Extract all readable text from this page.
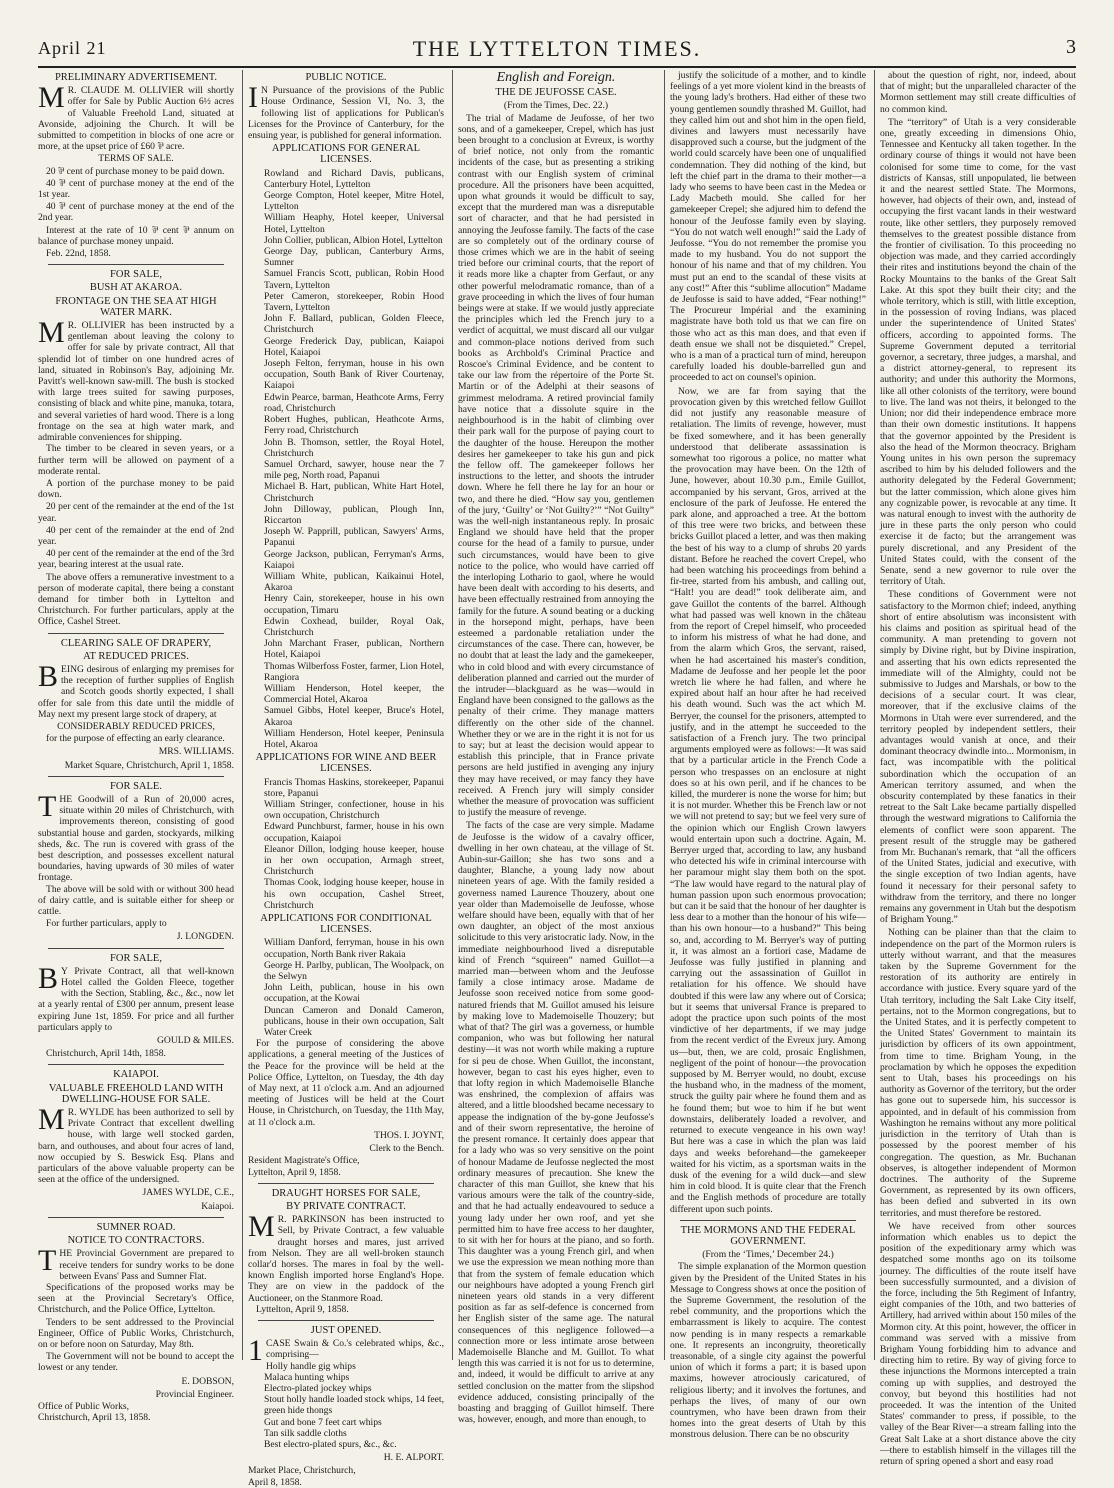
April 21	THE LYTTELTON TIMES.	3
PRELIMINARY ADVERTISEMENT.
M R. CLAUDE M. OLLIVIER will shortly offer for Sale by Public Auction 6½ acres of Valuable Freehold Land, situated at Avonside, adjoining the Church. It will be submitted to competition in blocks of one acre or more, at the upset price of £60 ⅌ acre.
TERMS OF SALE.

20 ⅌ cent of purchase money to be paid down.

40 ⅌ cent of purchase money at the end of the 1st year.

40 ⅌ cent of purchase money at the end of the 2nd year.

Interest at the rate of 10 ⅌ cent ⅌ annum on balance of purchase money unpaid.

Feb. 22nd, 1858.

FOR SALE,
BUSH AT AKAROA.
FRONTAGE ON THE SEA AT HIGH WATER MARK.
M R. OLLIVIER has been instructed by a gentleman about leaving the colony to offer for sale by private contract, All that splendid lot of timber on one hundred acres of land, situated in Robinson's Bay, adjoining Mr. Pavitt's well-known saw-mill. The bush is stocked with large trees suited for sawing purposes, consisting of black and white pine, manuka, totara, and several varieties of hard wood. There is a long frontage on the sea at high water mark, and admirable conveniences for shipping.

The timber to be cleared in seven years, or a further term will be allowed on payment of a moderate rental.

A portion of the purchase money to be paid down.

20 per cent of the remainder at the end of the 1st year.

40 per cent of the remainder at the end of 2nd year.

40 per cent of the remainder at the end of the 3rd year, bearing interest at the usual rate.

The above offers a remunerative investment to a person of moderate capital, there being a constant demand for timber both in Lyttelton and Christchurch. For further particulars, apply at the Office, Cashel Street.

CLEARING SALE OF DRAPERY,
AT REDUCED PRICES.
BEING desirous of enlarging my premises for the reception of further supplies of English and Scotch goods shortly expected, I shall offer for sale from this date until the middle of May next my present large stock of drapery, at
CONSIDERABLY REDUCED PRICES,

for the purpose of effecting an early clearance.

MRS. WILLIAMS.
Market Square, Christchurch, April 1, 1858.
FOR SALE.
THE Goodwill of a Run of 20,000 acres, situate within 20 miles of Christchurch, with improvements thereon, consisting of good substantial house and garden, stockyards, milking sheds, &c. The run is covered with grass of the best description, and possesses excellent natural boundaries, having upwards of 30 miles of water frontage.

The above will be sold with or without 300 head of dairy cattle, and is suitable either for sheep or cattle.

For further particulars, apply to

J. LONGDEN.
FOR SALE,
B Y Private Contract, all that well-known Hotel called the Golden Fleece, together with the Section, Stabling, &c., &c., now let at a yearly rental of £300 per annum, present lease expiring June 1st, 1859. For price and all further particulars apply to
GOULD & MILES.

Christchurch, April 14th, 1858.

KAIAPOI.
VALUABLE FREEHOLD LAND WITH DWELLING-HOUSE FOR SALE.
M R. WYLDE has been authorized to sell by Private Contract that excellent dwelling house, with large well stocked garden, barn, and outhouses, and about four acres of land, now occupied by S. Beswick Esq. Plans and particulars of the above valuable property can be seen at the office of the undersigned.
JAMES WYLDE, C.E.,
Kaiapoi.
SUMNER ROAD.
NOTICE TO CONTRACTORS.
THE Provincial Government are prepared to receive tenders for sundry works to be done between Evans' Pass and Sumner Flat.

Specifications of the proposed works may be seen at the Provincial Secretary's Office, Christchurch, and the Police Office, Lyttelton.

Tenders to be sent addressed to the Provincial Engineer, Office of Public Works, Christchurch, on or before noon on Saturday, May 8th.

The Government will not be bound to accept the lowest or any tender.

E. DOBSON,
Provincial Engineer.
Office of Public Works,
Christchurch, April 13, 1858.
PUBLIC NOTICE.
I N Pursuance of the provisions of the Public House Ordinance, Session VI, No. 3, the following list of applications for Publican's Licenses for the Province of Canterbury, for the ensuing year, is published for general information.
APPLICATIONS FOR GENERAL LICENSES.
Rowland and Richard Davis, publicans, Canterbury Hotel, Lyttelton
George Compton, Hotel keeper, Mitre Hotel, Lyttelton
William Heaphy, Hotel keeper, Universal Hotel, Lyttelton
John Collier, publican, Albion Hotel, Lyttelton
George Day, publican, Canterbury Arms, Sumner
Samuel Francis Scott, publican, Robin Hood Tavern, Lyttelton
Peter Cameron, storekeeper, Robin Hood Tavern, Lyttelton
John F. Ballard, publican, Golden Fleece, Christchurch
George Frederick Day, publican, Kaiapoi Hotel, Kaiapoi
Joseph Felton, ferryman, house in his own occupation, South Bank of River Courtenay, Kaiapoi
Edwin Pearce, barman, Heathcote Arms, Ferry road, Christchurch
Robert Hughes, publican, Heathcote Arms, Ferry road, Christchurch
John B. Thomson, settler, the Royal Hotel, Christchurch
Samuel Orchard, sawyer, house near the 7 mile peg, North road, Papanui
Michael B. Hart, publican, White Hart Hotel, Christchurch
John Dilloway, publican, Plough Inn, Riccarton
Joseph W. Papprill, publican, Sawyers' Arms, Papanui
George Jackson, publican, Ferryman's Arms, Kaiapoi
William White, publican, Kaikainui Hotel, Akaroa
Henry Cain, storekeeper, house in his own occupation, Timaru
Edwin Coxhead, builder, Royal Oak, Christchurch
John Marchant Fraser, publican, Northern Hotel, Kaiapoi
Thomas Wilberfoss Foster, farmer, Lion Hotel, Rangiora
William Henderson, Hotel keeper, the Commercial Hotel, Akaroa
Samuel Gibbs, Hotel keeper, Bruce's Hotel, Akaroa
William Henderson, Hotel keeper, Peninsula Hotel, Akaroa
APPLICATIONS FOR WINE AND BEER LICENSES.
Francis Thomas Haskins, storekeeper, Papanui store, Papanui
William Stringer, confectioner, house in his own occupation, Christchurch
Edward Punchburst, farmer, house in his own occupation, Kaiapoi
Eleanor Dillon, lodging house keeper, house in her own occupation, Armagh street, Christchurch
Thomas Cook, lodging house keeper, house in his own occupation, Cashel Street, Christchurch
APPLICATIONS FOR CONDITIONAL LICENSES.
William Danford, ferryman, house in his own occupation, North Bank river Rakaia
George H. Parlby, publican, The Woolpack, on the Selwyn
John Leith, publican, house in his own occupation, at the Kowai
Duncan Cameron and Donald Cameron, publicans, house in their own occupation, Salt Water Creek

For the purpose of considering the above applications, a general meeting of the Justices of the Peace for the province will be held at the Police Office, Lyttelton, on Tuesday, the 4th day of May next, at 11 o'clock a.m. And an adjourned meeting of Justices will be held at the Court House, in Christchurch, on Tuesday, the 11th May, at 11 o'clock a.m.

THOS. I. JOYNT,
Clerk to the Bench.
Resident Magistrate's Office,
Lyttelton, April 9, 1858.
DRAUGHT HORSES FOR SALE,
BY PRIVATE CONTRACT.
M R. PARKINSON has been instructed to Sell, by Private Contract, a few valuable draught horses and mares, just arrived from Nelson. They are all well-broken staunch collar'd horses. The mares in foal by the well-known English imported horse England's Hope. They are on view in the paddock of the Auctioneer, on the Stanmore Road.

Lyttelton, April 9, 1858.

JUST OPENED.
1 CASE Swain & Co.'s celebrated whips, &c., comprising—
Holly handle gig whips
Malaca hunting whips
Electro-plated jockey whips
Stout holly handle loaded stock whips, 14 feet, green hide thongs
Gut and bone 7 feet cart whips
Tan silk saddle cloths
Best electro-plated spurs, &c., &c.
H. E. ALPORT.
Market Place, Christchurch,
April 8, 1858.
English and Foreign.
THE DE JEUFOSSE CASE.
(From the Times, Dec. 22.)

The trial of Madame de Jeufosse, of her two sons, and of a gamekeeper, Crepel, which has just been brought to a conclusion at Evreux, is worthy of brief notice, not only from the romantic incidents of the case, but as presenting a striking contrast with our English system of criminal procedure. All the prisoners have been acquitted, upon what grounds it would be difficult to say, except that the murdered man was a disreputable sort of character, and that he had persisted in annoying the Jeufosse family. The facts of the case are so completely out of the ordinary course of those crimes which we are in the habit of seeing tried before our criminal courts, that the report of it reads more like a chapter from Gerfaut, or any other powerful melodramatic romance, than of a grave proceeding in which the lives of four human beings were at stake. If we would justly appreciate the principles which led the French jury to a verdict of acquittal, we must discard all our vulgar and common-place notions derived from such books as Archbold's Criminal Practice and Roscoe's Criminal Evidence, and be content to take our law from the répertoire of the Porte St. Martin or of the Adelphi at their seasons of grimmest melodrama. A retired provincial family have notice that a dissolute squire in the neighbourhood is in the habit of climbing over their park wall for the purpose of paying court to the daughter of the house. Hereupon the mother desires her gamekeeper to take his gun and pick the fellow off. The gamekeeper follows her instructions to the letter, and shoots the intruder down. Where he fell there he lay for an hour or two, and there he died. “How say you, gentlemen of the jury, ‘Guilty’ or ‘Not Guilty?’” “Not Guilty” was the well-nigh instantaneous reply. In prosaic England we should have held that the proper course for the head of a family to pursue, under such circumstances, would have been to give notice to the police, who would have carried off the interloping Lothario to gaol, where he would have been dealt with according to his deserts, and have been effectually restrained from annoying the family for the future. A sound beating or a ducking in the horsepond might, perhaps, have been esteemed a pardonable retaliation under the circumstances of the case. There can, however, be no doubt that at least the lady and the gamekeeper, who in cold blood and with every circumstance of deliberation planned and carried out the murder of the intruder—blackguard as he was—would in England have been consigned to the gallows as the penalty of their crime. They manage matters differently on the other side of the channel. Whether they or we are in the right it is not for us to say; but at least the decision would appear to establish this principle, that in France private persons are held justified in avenging any injury they may have received, or may fancy they have received. A French jury will simply consider whether the measure of provocation was sufficient to justify the measure of revenge.

The facts of the case are very simple. Madame de Jeufosse is the widow of a cavalry officer, dwelling in her own chateau, at the village of St. Aubin-sur-Gaillon; she has two sons and a daughter, Blanche, a young lady now about nineteen years of age. With the family resided a governess named Laurence Thouzery, about one year older than Mademoiselle de Jeufosse, whose welfare should have been, equally with that of her own daughter, an object of the most anxious solicitude to this very aristocratic lady. Now, in the immediate neighbourhood lived a disreputable kind of French “squireen” named Guillot—a married man—between whom and the Jeufosse family a close intimacy arose. Madame de Jeufosse soon received notice from some good-natured friends that M. Guillot amused his leisure by making love to Mademoiselle Thouzery; but what of that? The girl was a governess, or humble companion, who was but following her natural destiny—it was not worth while making a rupture for si peu de chose. When Guillot, the inconstant, however, began to cast his eyes higher, even to that lofty region in which Mademoiselle Blanche was enshrined, the complexion of affairs was altered, and a little bloodshed became necessary to appease the indignation of the by-gone Jeufosse's and of their sworn representative, the heroine of the present romance. It certainly does appear that for a lady who was so very sensitive on the point of honour Madame de Jeufosse neglected the most ordinary measures of precaution. She knew the character of this man Guillot, she knew that his various amours were the talk of the country-side, and that he had actually endeavoured to seduce a young lady under her own roof, and yet she permitted him to have free access to her daughter, to sit with her for hours at the piano, and so forth. This daughter was a young French girl, and when we use the expression we mean nothing more than that from the system of female education which our neighbours have adopted a young French girl nineteen years old stands in a very different position as far as self-defence is concerned from her English sister of the same age. The natural consequences of this negligence followed—a connection more or less intimate arose between Mademoiselle Blanche and M. Guillot. To what length this was carried it is not for us to determine, and, indeed, it would be difficult to arrive at any settled conclusion on the matter from the slipshod evidence adduced, consisting principally of the boasting and bragging of Guillot himself. There was, however, enough, and more than enough, to

justify the solicitude of a mother, and to kindle feelings of a yet more violent kind in the breasts of the young lady's brothers. Had either of these two young gentlemen soundly thrashed M. Guillot, had they called him out and shot him in the open field, divines and lawyers must necessarily have disapproved such a course, but the judgment of the world could scarcely have been one of unqualified condemnation. They did nothing of the kind, but left the chief part in the drama to their mother—a lady who seems to have been cast in the Medea or Lady Macbeth mould. She called for her gamekeeper Crepel; she adjured him to defend the honour of the Jeufosse family even by slaying. “You do not watch well enough!” said the Lady of Jeufosse. “You do not remember the promise you made to my husband. You do not support the honour of his name and that of my children. You must put an end to the scandal of these visits at any cost!” After this “sublime allocution” Madame de Jeufosse is said to have added, “Fear nothing!” The Procureur Impérial and the examining magistrate have both told us that we can fire on those who act as this man does, and that even if death ensue we shall not be disquieted.” Crepel, who is a man of a practical turn of mind, hereupon carefully loaded his double-barrelled gun and proceeded to act on counsel's opinion.

Now, we are far from saying that the provocation given by this wretched fellow Guillot did not justify any reasonable measure of retaliation. The limits of revenge, however, must be fixed somewhere, and it has been generally understood that deliberate assassination is somewhat too rigorous a police, no matter what the provocation may have been. On the 12th of June, however, about 10.30 p.m., Emile Guillot, accompanied by his servant, Gros, arrived at the enclosure of the park of Jeufosse. He entered the park alone, and approached a tree. At the bottom of this tree were two bricks, and between these bricks Guillot placed a letter, and was then making the best of his way to a clump of shrubs 20 yards distant. Before he reached the covert Crepel, who had been watching his proceedings from behind a fir-tree, started from his ambush, and calling out, “Halt! you are dead!” took deliberate aim, and gave Guillot the contents of the barrel. Although what had passed was well known in the château from the report of Crepel himself, who proceeded to inform his mistress of what he had done, and from the alarm which Gros, the servant, raised, when he had ascertained his master's condition, Madame de Jeufosse and her people let the poor wretch lie where he had fallen, and where he expired about half an hour after he had received his death wound. Such was the act which M. Berryer, the counsel for the prisoners, attempted to justify, and in the attempt he succeeded to the satisfaction of a French jury. The two principal arguments employed were as follows:—It was said that by a particular article in the French Code a person who trespasses on an enclosure at night does so at his own peril, and if he chances to be killed, the murderer is none the worse for him; but it is not murder. Whether this be French law or not we will not pretend to say; but we feel very sure of the opinion which our English Crown lawyers would entertain upon such a doctrine. Again, M. Berryer urged that, according to law, any husband who detected his wife in criminal intercourse with her paramour might slay them both on the spot. “The law would have regard to the natural play of human passion upon such enormous provocation; but can it be said that the honour of her daughter is less dear to a mother than the honour of his wife—than his own honour—to a husband?” This being so, and, according to M. Berryer's way of putting it, it was almost an a fortiori case, Madame de Jeufosse was fully justified in planning and carrying out the assassination of Guillot in retaliation for his offence. We should have doubted if this were law any where out of Corsica; but it seems that universal France is prepared to adopt the practice upon such points of the most vindictive of her departments, if we may judge from the recent verdict of the Evreux jury. Among us—but, then, we are cold, prosaic Englishmen, negligent of the point of honour—the provocation supposed by M. Berryer would, no doubt, excuse the husband who, in the madness of the moment, struck the guilty pair where he found them and as he found them; but woe to him if he but went downstairs, deliberately loaded a revolver, and returned to execute vengeance in his own way! But here was a case in which the plan was laid days and weeks beforehand—the gamekeeper waited for his victim, as a sportsman waits in the dusk of the evening for a wild duck—and slew him in cold blood. It is quite clear that the French and the English methods of procedure are totally different upon such points.

THE MORMONS AND THE FEDERAL GOVERNMENT.
(From the ‘Times,’ December 24.)

The simple explanation of the Mormon question given by the President of the United States in his Message to Congress shows at once the position of the Supreme Government, the resolution of the rebel community, and the proportions which the embarrassment is likely to acquire. The contest now pending is in many respects a remarkable one. It represents an incongruity, theoretically treasonable, of a single city against the powerful union of which it forms a part; it is based upon maxims, however atrociously caricatured, of religious liberty; and it involves the fortunes, and perhaps the lives, of many of our own countrymen, who have been drawn from their homes into the great deserts of Utah by this monstrous delusion. There can be no obscurity

about the question of right, nor, indeed, about that of might; but the unparalleled character of the Mormon settlement may still create difficulties of no common kind.

The “territory” of Utah is a very considerable one, greatly exceeding in dimensions Ohio, Tennessee and Kentucky all taken together. In the ordinary course of things it would not have been colonised for some time to come, for the vast districts of Kansas, still unpopulated, lie between it and the nearest settled State. The Mormons, however, had objects of their own, and, instead of occupying the first vacant lands in their westward route, like other settlers, they purposely removed themselves to the greatest possible distance from the frontier of civilisation. To this proceeding no objection was made, and they carried accordingly their rites and institutions beyond the chain of the Rocky Mountains to the banks of the Great Salt Lake. At this spot they built their city; and the whole territory, which is still, with little exception, in the possession of roving Indians, was placed under the superintendence of United States' officers, according to appointed forms. The Supreme Government deputed a territorial governor, a secretary, three judges, a marshal, and a district attorney-general, to represent its authority; and under this authority the Mormons, like all other colonists of the territory, were bound to live. The land was not theirs, it belonged to the Union; nor did their independence embrace more than their own domestic institutions. It happens that the governor appointed by the President is also the head of the Mormon theocracy. Brigham Young unites in his own person the supremacy ascribed to him by his deluded followers and the authority delegated by the Federal Government; but the latter commission, which alone gives him any cognizable power, is revocable at any time. It was natural enough to invest with the authority de jure in these parts the only person who could exercise it de facto; but the arrangement was purely discretional, and any President of the United States could, with the consent of the Senate, send a new governor to rule over the territory of Utah.

These conditions of Government were not satisfactory to the Mormon chief; indeed, anything short of entire absolutism was inconsistent with his claims and position as spiritual head of the community. A man pretending to govern not simply by Divine right, but by Divine inspiration, and asserting that his own edicts represented the immediate will of the Almighty, could not be submissive to Judges and Marshals, or bow to the decisions of a secular court. It was clear, moreover, that if the exclusive claims of the Mormons in Utah were ever surrendered, and the territory peopled by independent settlers, their advantages would vanish at once, and their dominant theocracy dwindle into... Mormonism, in fact, was incompatible with the political subordination which the occupation of an American territory assumed, and when the obscurity contemplated by these fanatics in their retreat to the Salt Lake became partially dispelled through the westward migrations to California the elements of conflict were soon apparent. The present result of the struggle may be gathered from Mr. Buchanan's remark, that “all the officers of the United States, judicial and executive, with the single exception of two Indian agents, have found it necessary for their personal safety to withdraw from the territory, and there no longer remains any government in Utah but the despotism of Brigham Young.”

Nothing can be plainer than that the claim to independence on the part of the Mormon rulers is utterly without warrant, and that the measures taken by the Supreme Government for the restoration of its authority are entirely in accordance with justice. Every square yard of the Utah territory, including the Salt Lake City itself, pertains, not to the Mormon congregations, but to the United States, and it is perfectly competent to the United States' Government to maintain its jurisdiction by officers of its own appointment, from time to time. Brigham Young, in the proclamation by which he opposes the expedition sent to Utah, bases his proceedings on his authority as Governor of the territory, but the order has gone out to supersede him, his successor is appointed, and in default of his commission from Washington he remains without any more political jurisdiction in the territory of Utah than is possessed by the poorest member of his congregation. The question, as Mr. Buchanan observes, is altogether independent of Mormon doctrines. The authority of the Supreme Government, as represented by its own officers, has been defied and subverted in its own territories, and must therefore be restored.

We have received from other sources information which enables us to depict the position of the expeditionary army which was despatched some months ago on its toilsome journey. The difficulties of the route itself have been successfully surmounted, and a division of the force, including the 5th Regiment of Infantry, eight companies of the 10th, and two batteries of Artillery, had arrived within about 150 miles of the Mormon city. At this point, however, the officer in command was served with a missive from Brigham Young forbidding him to advance and directing him to retire. By way of giving force to these injunctions the Mormons intercepted a train coming up with supplies, and destroyed the convoy, but beyond this hostilities had not proceeded. It was the intention of the United States' commander to press, if possible, to the valley of the Bear River—a stream falling into the Great Salt Lake at a short distance above the city—there to establish himself in the villages till the return of spring opened a short and easy road
